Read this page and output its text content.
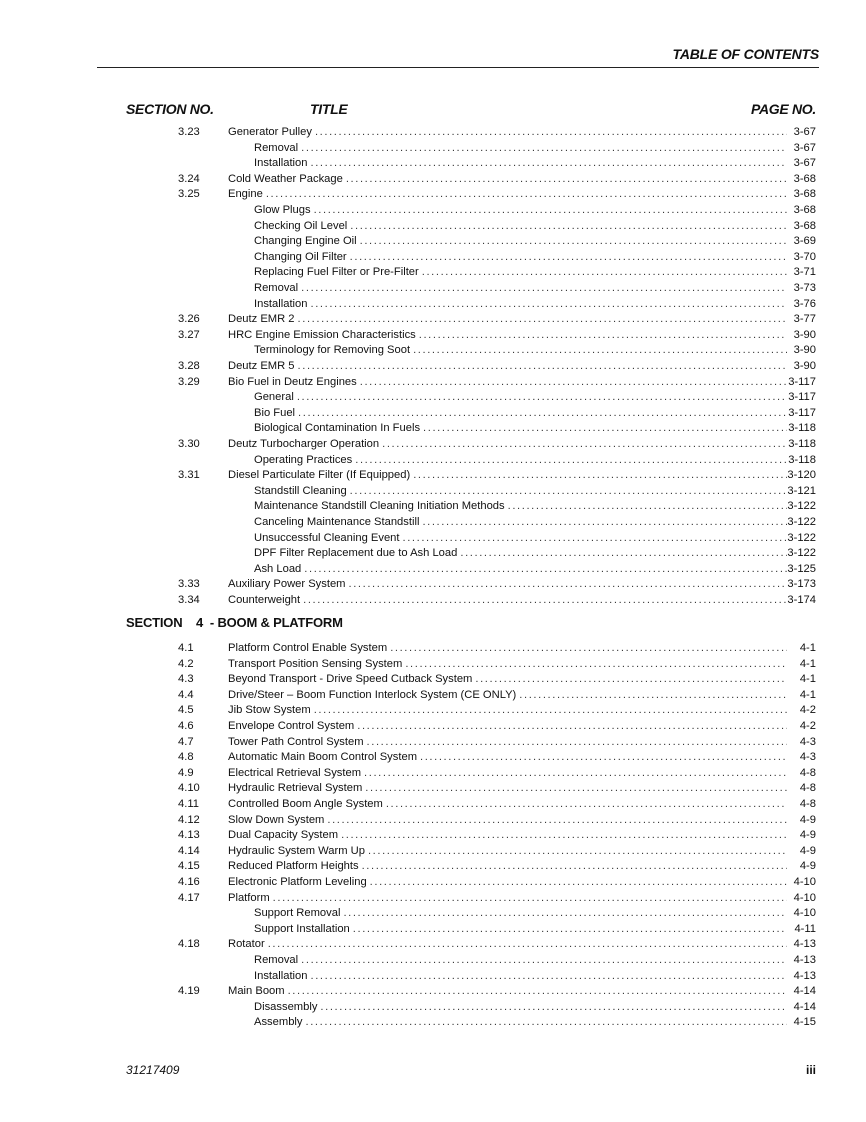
TABLE OF CONTENTS
SECTION NO.	TITLE	PAGE NO.
3.23	Generator Pulley .....	3-67
Removal .....	3-67
Installation .....	3-67
3.24	Cold Weather Package .....	3-68
3.25	Engine .....	3-68
Glow Plugs .....	3-68
Checking Oil Level .....	3-68
Changing Engine Oil .....	3-69
Changing Oil Filter .....	3-70
Replacing Fuel Filter or Pre-Filter .....	3-71
Removal .....	3-73
Installation .....	3-76
3.26	Deutz EMR 2 .....	3-77
3.27	HRC Engine Emission Characteristics .....	3-90
Terminology for Removing Soot .....	3-90
3.28	Deutz EMR 5 .....	3-90
3.29	Bio Fuel in Deutz Engines .....	3-117
General .....	3-117
Bio Fuel .....	3-117
Biological Contamination In Fuels .....	3-118
3.30	Deutz Turbocharger Operation .....	3-118
Operating Practices .....	3-118
3.31	Diesel Particulate Filter (If Equipped) .....	3-120
Standstill Cleaning .....	3-121
Maintenance Standstill Cleaning Initiation Methods .....	3-122
Canceling Maintenance Standstill .....	3-122
Unsuccessful Cleaning Event .....	3-122
DPF Filter Replacement due to Ash Load .....	3-122
Ash Load .....	3-125
3.33	Auxiliary Power System .....	3-173
3.34	Counterweight .....	3-174
SECTION 4 - BOOM & PLATFORM
4.1	Platform Control Enable System .....	4-1
4.2	Transport Position Sensing System .....	4-1
4.3	Beyond Transport - Drive Speed Cutback System .....	4-1
4.4	Drive/Steer – Boom Function Interlock System (CE ONLY) .....	4-1
4.5	Jib Stow System .....	4-2
4.6	Envelope Control System .....	4-2
4.7	Tower Path Control System .....	4-3
4.8	Automatic Main Boom Control System .....	4-3
4.9	Electrical Retrieval System .....	4-8
4.10	Hydraulic Retrieval System .....	4-8
4.11	Controlled Boom Angle System .....	4-8
4.12	Slow Down System .....	4-9
4.13	Dual Capacity System .....	4-9
4.14	Hydraulic System Warm Up .....	4-9
4.15	Reduced Platform Heights .....	4-9
4.16	Electronic Platform Leveling .....	4-10
4.17	Platform .....	4-10
Support Removal .....	4-10
Support Installation .....	4-11
4.18	Rotator .....	4-13
Removal .....	4-13
Installation .....	4-13
4.19	Main Boom .....	4-14
Disassembly .....	4-14
Assembly .....	4-15
31217409	iii
